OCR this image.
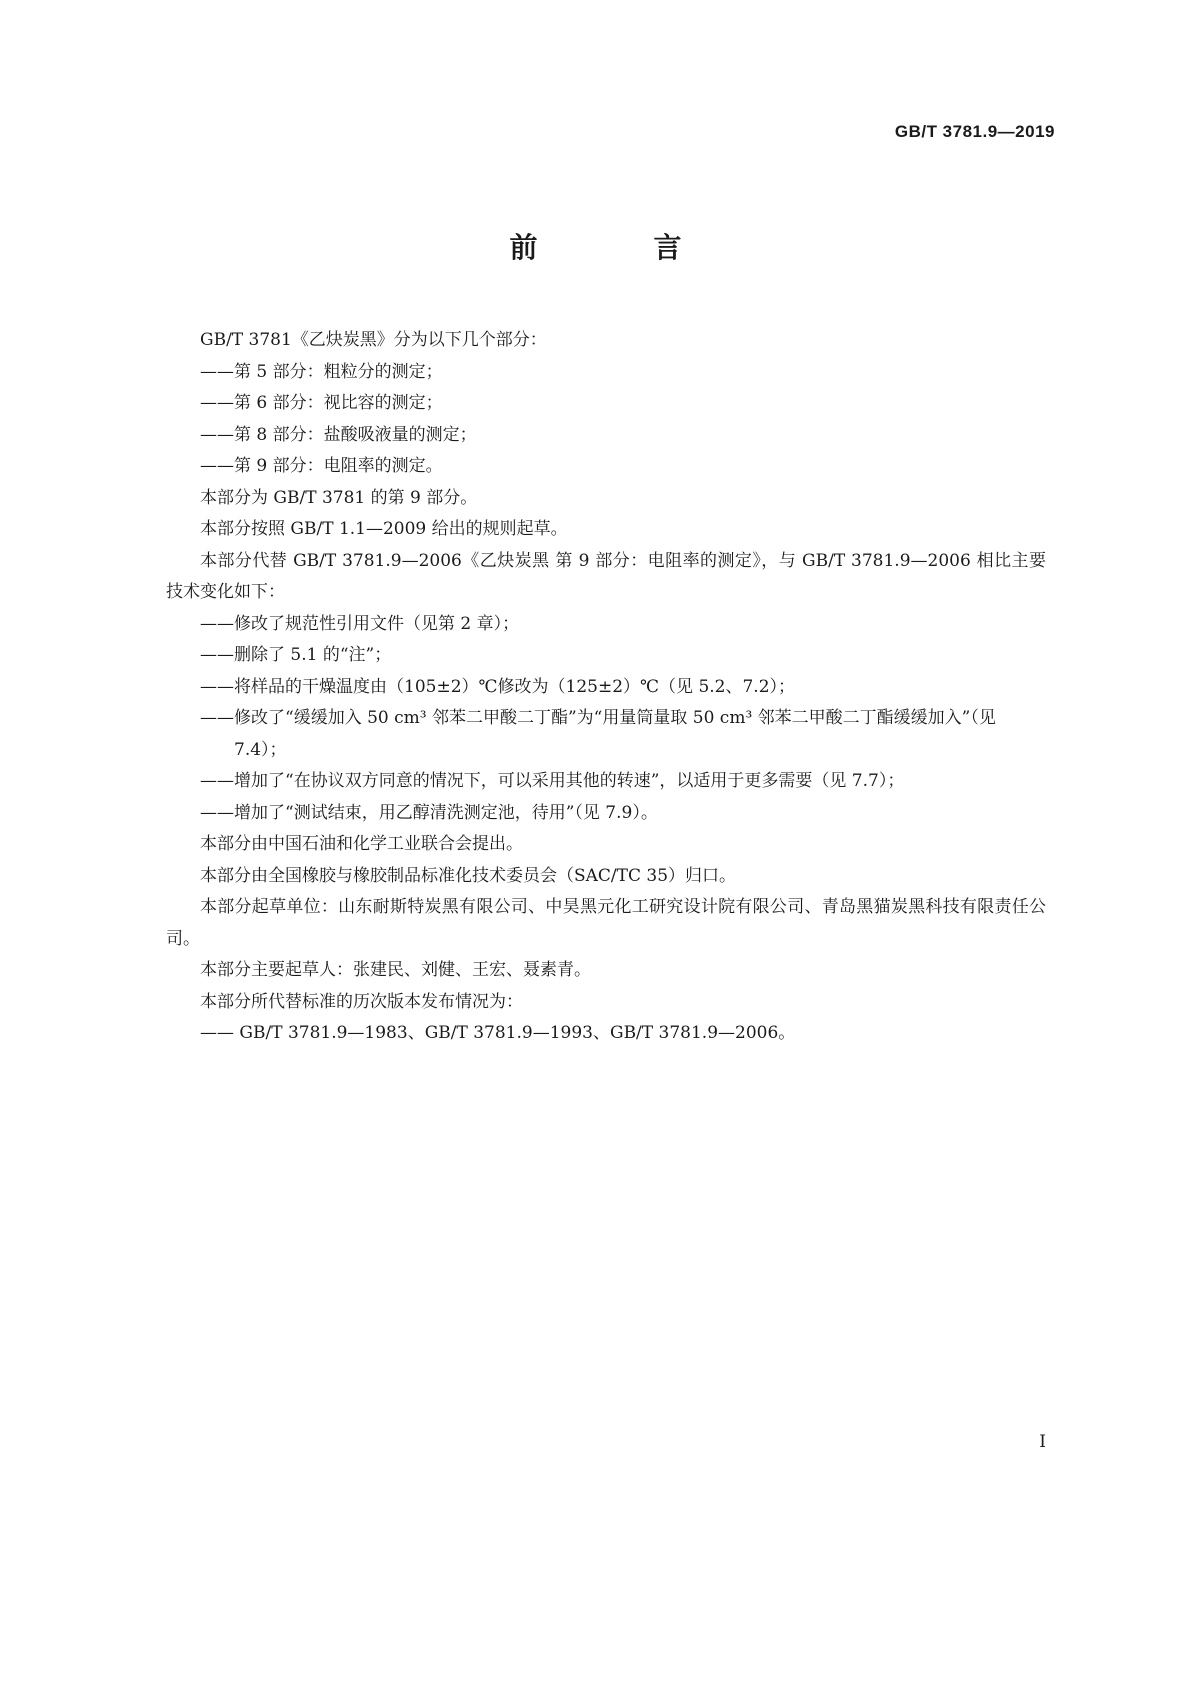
GB/T 3781.9—2019
前　言
GB/T 3781《乙炔炭黑》分为以下几个部分：
——第 5 部分：粗粒分的测定；
——第 6 部分：视比容的测定；
——第 8 部分：盐酸吸液量的测定；
——第 9 部分：电阻率的测定。
本部分为 GB/T 3781 的第 9 部分。
本部分按照 GB/T 1.1—2009 给出的规则起草。
本部分代替 GB/T 3781.9—2006《乙炔炭黑 第 9 部分：电阻率的测定》，与 GB/T 3781.9—2006 相比主要技术变化如下：
——修改了规范性引用文件（见第 2 章）；
——删除了 5.1 的“注”；
——将样品的干燥温度由（105±2）℃修改为（125±2）℃（见 5.2、7.2）；
——修改了“缓缓加入 50 cm³ 邻苯二甲酸二丁酯”为“用量筒量取 50 cm³ 邻苯二甲酸二丁酯缓缓加入”（见 7.4）；
——增加了“在协议双方同意的情况下，可以采用其他的转速”，以适用于更多需要（见 7.7）；
——增加了“测试结束，用乙醇清洗测定池，待用”（见 7.9）。
本部分由中国石油和化学工业联合会提出。
本部分由全国橡胶与橡胶制品标准化技术委员会（SAC/TC 35）归口。
本部分起草单位：山东耐斯特炭黑有限公司、中昊黑元化工研究设计院有限公司、青岛黑猫炭黑科技有限责任公司。
本部分主要起草人：张建民、刘健、王宏、聂素青。
本部分所代替标准的历次版本发布情况为：
—— GB/T 3781.9—1983、GB/T 3781.9—1993、GB/T 3781.9—2006。
I
